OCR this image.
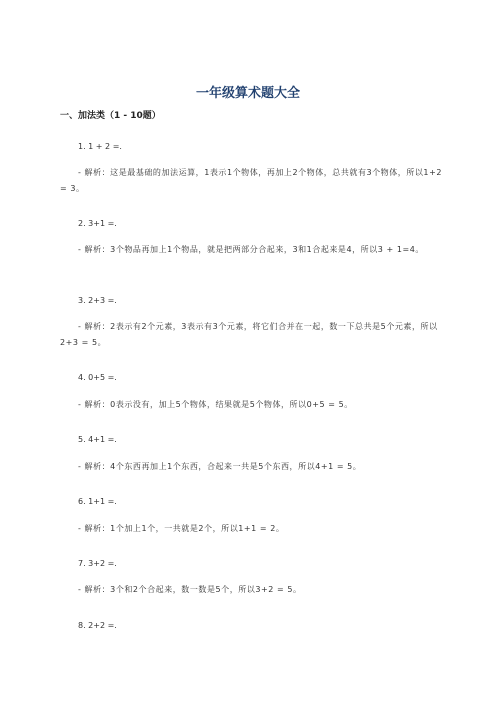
一年级算术题大全

一、加法类（1 - 10题）

1. 1 + 2 =.

- 解析：这是最基础的加法运算，1表示1个物体，再加上2个物体，总共就有3个物体，所以1+2 = 3。

2. 3+1 =.

- 解析：3个物品再加上1个物品，就是把两部分合起来，3和1合起来是4，所以3 + 1=4。

3. 2+3 =.

- 解析：2表示有2个元素，3表示有3个元素，将它们合并在一起，数一下总共是5个元素，所以2+3 = 5。

4. 0+5 =.

- 解析：0表示没有，加上5个物体，结果就是5个物体，所以0+5 = 5。

5. 4+1 =.

- 解析：4个东西再加上1个东西，合起来一共是5个东西，所以4+1 = 5。

6. 1+1 =.

- 解析：1个加上1个，一共就是2个，所以1+1 = 2。

7. 3+2 =.

- 解析：3个和2个合起来，数一数是5个，所以3+2 = 5。

8. 2+2 =.
